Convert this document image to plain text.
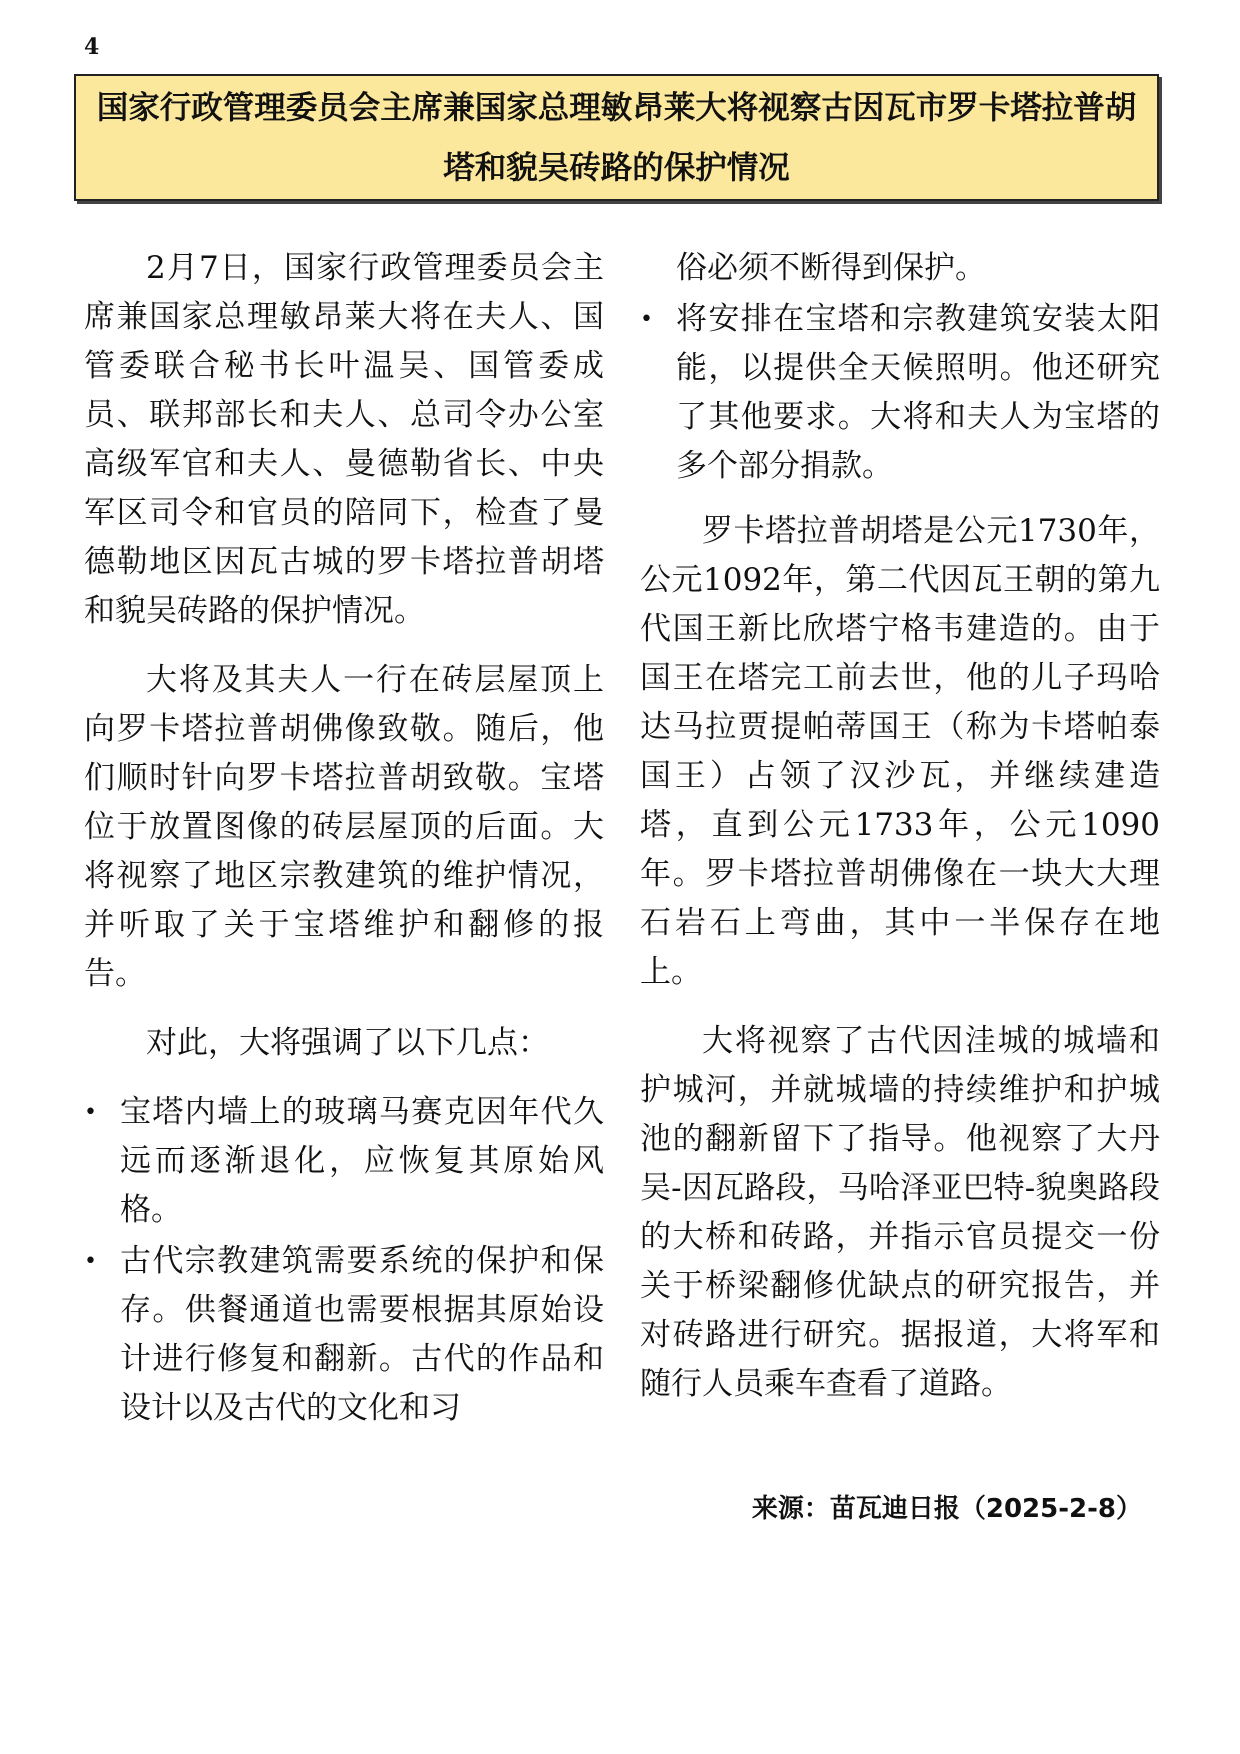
4
国家行政管理委员会主席兼国家总理敏昂莱大将视察古因瓦市罗卡塔拉普胡塔和貌吴砖路的保护情况

2月7日，国家行政管理委员会主席兼国家总理敏昂莱大将在夫人、国管委联合秘书长叶温吴、国管委成员、联邦部长和夫人、总司令办公室高级军官和夫人、曼德勒省长、中央军区司令和官员的陪同下，检查了曼德勒地区因瓦古城的罗卡塔拉普胡塔和貌吴砖路的保护情况。

大将及其夫人一行在砖层屋顶上向罗卡塔拉普胡佛像致敬。随后，他们顺时针向罗卡塔拉普胡致敬。宝塔位于放置图像的砖层屋顶的后面。大将视察了地区宗教建筑的维护情况，并听取了关于宝塔维护和翻修的报告。

对此，大将强调了以下几点：

• 宝塔内墙上的玻璃马赛克因年代久远而逐渐退化，应恢复其原始风格。
• 古代宗教建筑需要系统的保护和保存。供餐通道也需要根据其原始设计进行修复和翻新。古代的作品和设计以及古代的文化和习

俗必须不断得到保护。

• 将安排在宝塔和宗教建筑安装太阳能，以提供全天候照明。他还研究了其他要求。大将和夫人为宝塔的多个部分捐款。

罗卡塔拉普胡塔是公元1730年，公元1092年，第二代因瓦王朝的第九代国王新比欣塔宁格韦建造的。由于国王在塔完工前去世，他的儿子玛哈达马拉贾提帕蒂国王（称为卡塔帕泰国王）占领了汉沙瓦，并继续建造塔，直到公元1733年，公元1090年。罗卡塔拉普胡佛像在一块大大理石岩石上弯曲，其中一半保存在地上。

大将视察了古代因洼城的城墙和护城河，并就城墙的持续维护和护城池的翻新留下了指导。他视察了大丹吴-因瓦路段，马哈泽亚巴特-貌奥路段的大桥和砖路，并指示官员提交一份关于桥梁翻修优缺点的研究报告，并对砖路进行研究。据报道，大将军和随行人员乘车查看了道路。

来源：苗瓦迪日报（2025-2-8）
